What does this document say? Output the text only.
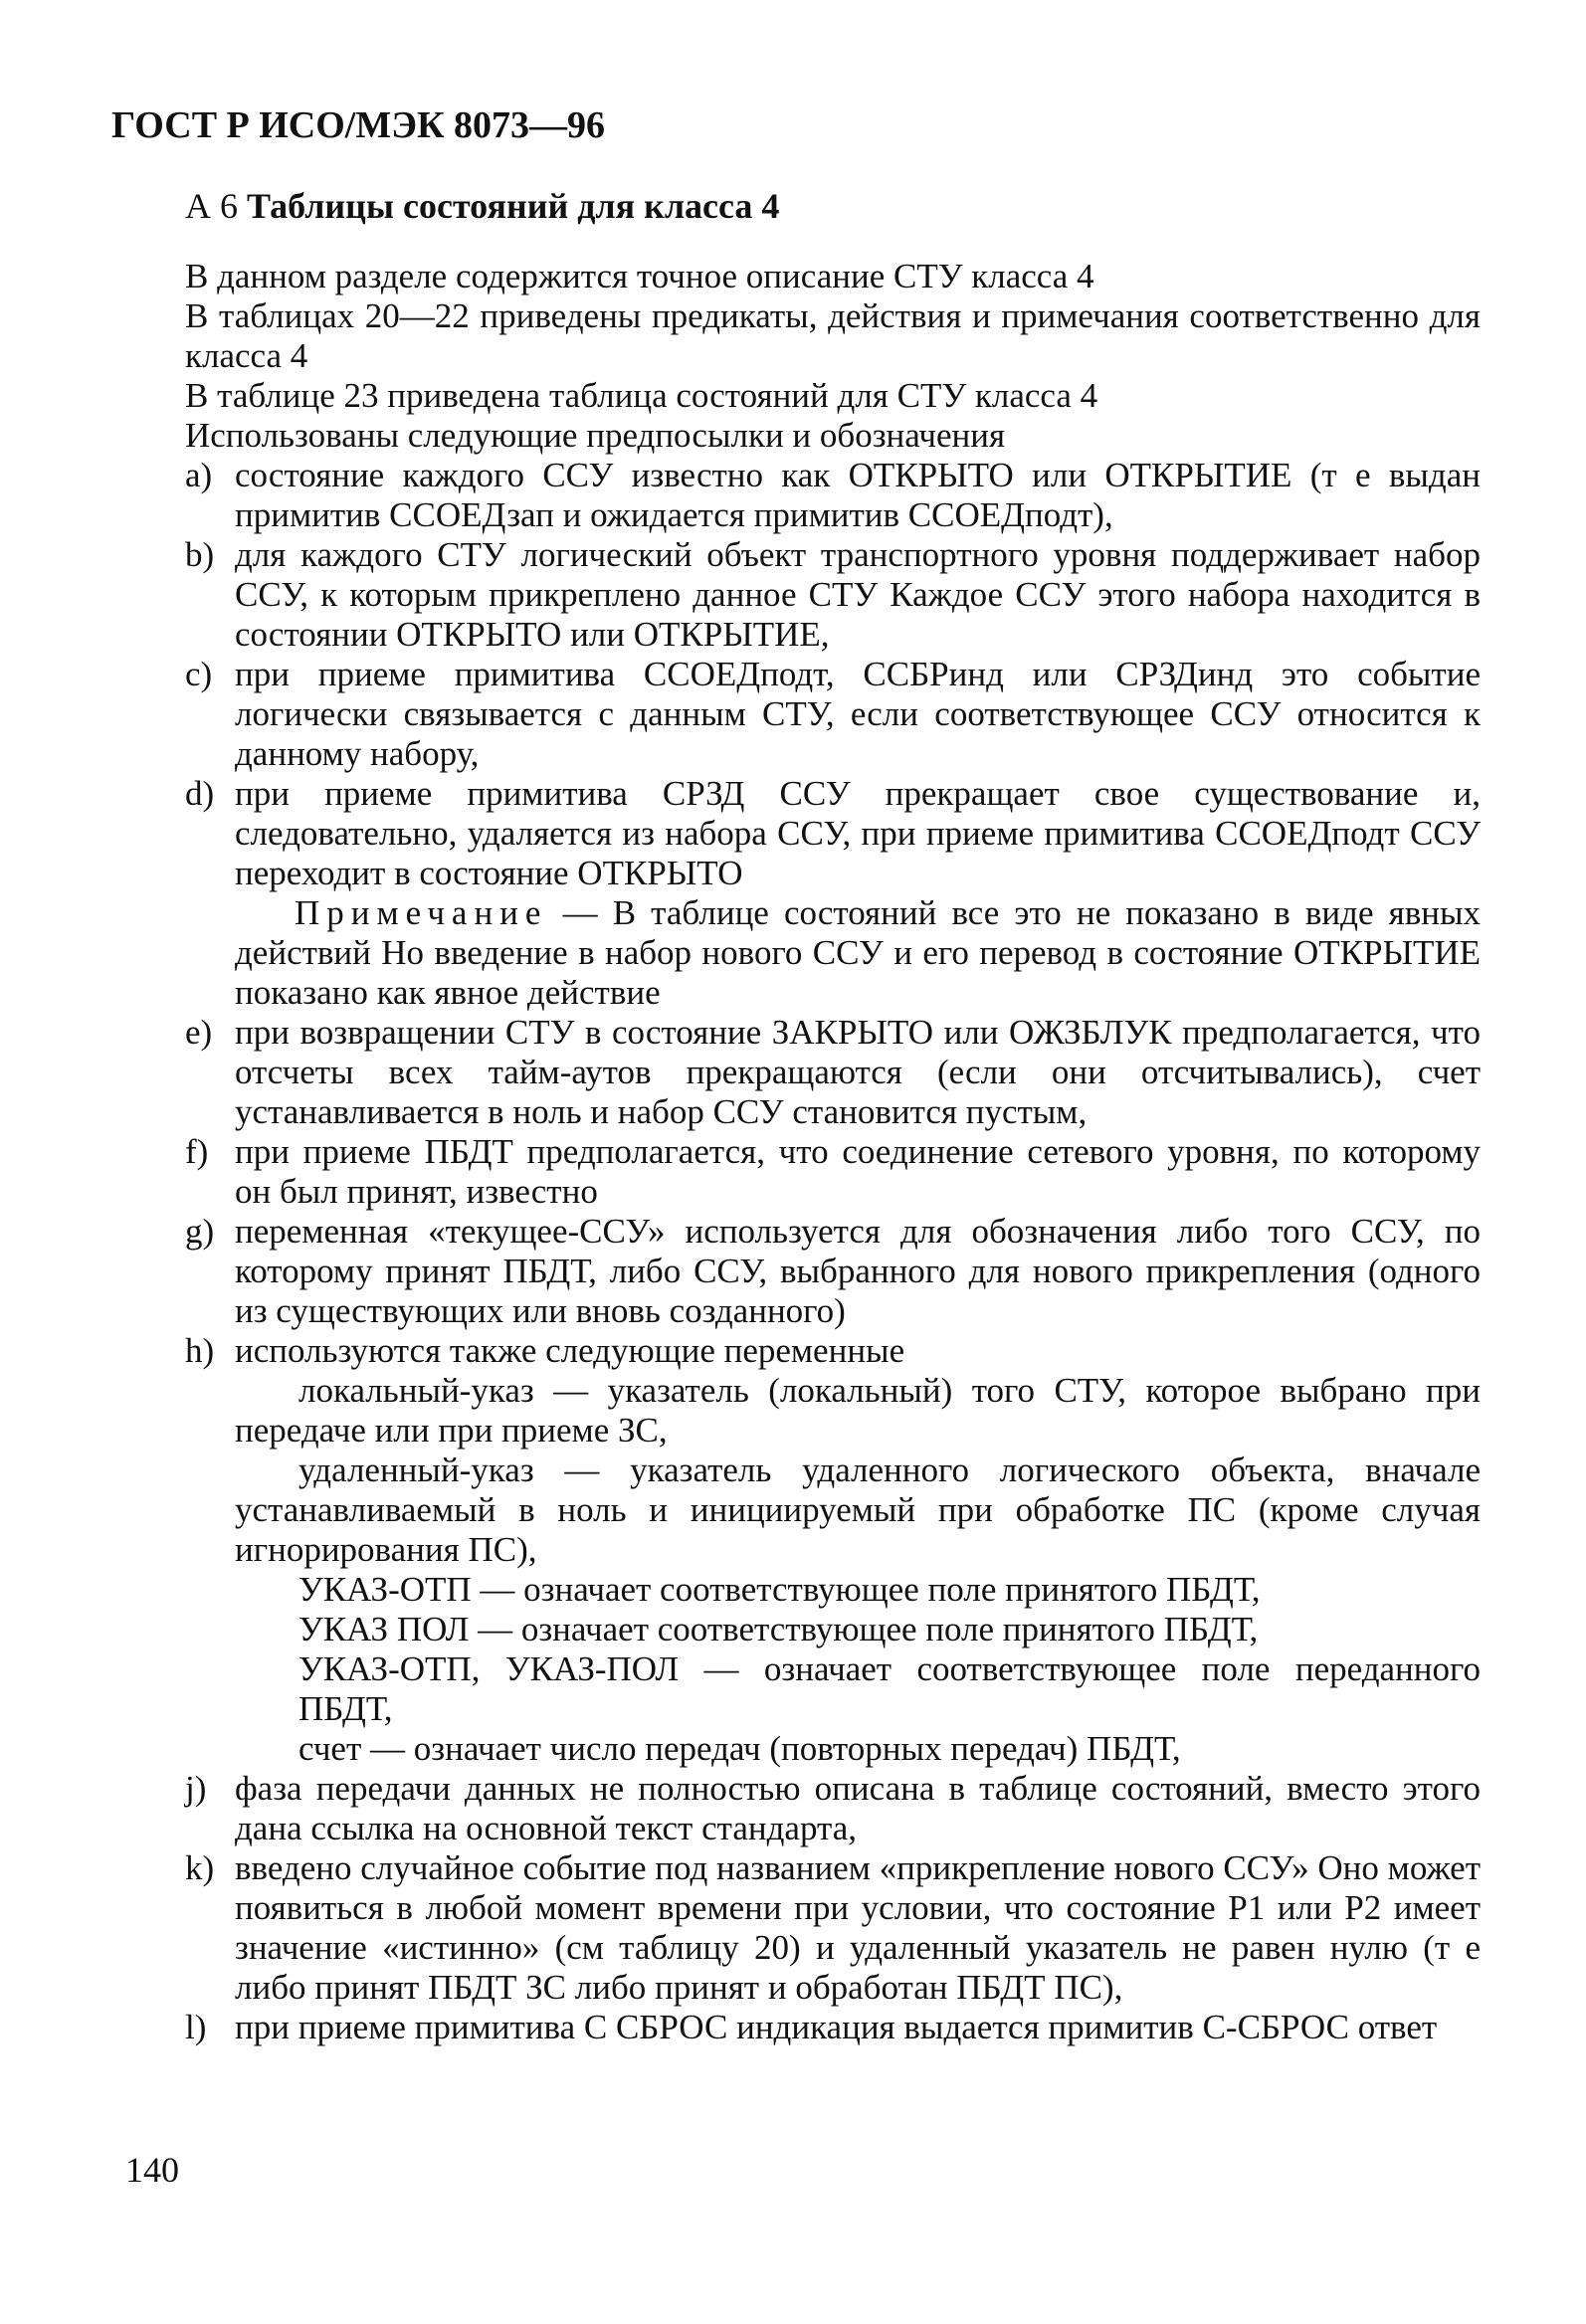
ГОСТ Р ИСО/МЭК 8073—96
А 6 Таблицы состояний для класса 4

В данном разделе содержится точное описание СТУ класса 4

В таблицах 20—22 приведены предикаты, действия и примечания соответственно для класса 4

В таблице 23 приведена таблица состояний для СТУ класса 4

Использованы следующие предпосылки и обозначения

а) состояние каждого ССУ известно как ОТКРЫТО или ОТКРЫТИЕ (т е выдан примитив ССОЕДзап и ожидается примитив ССОЕДподт),
b) для каждого СТУ логический объект транспортного уровня поддерживает набор ССУ, к которым прикреплено данное СТУ Каждое ССУ этого набора находится в состоянии ОТКРЫТО или ОТКРЫТИЕ,
с) при приеме примитива ССОЕДподт, ССБРинд или СРЗДинд это событие логически связывается с данным СТУ, если соответствующее ССУ относится к данному набору,
d) при приеме примитива СРЗД ССУ прекращает свое существование и, следовательно, удаляется из набора ССУ, при приеме примитива ССОЕДподт ССУ переходит в состояние ОТКРЫТО
Примечание — В таблице состояний все это не показано в виде явных действий Но введение в набор нового ССУ и его перевод в состояние ОТКРЫТИЕ показано как явное действие
е) при возвращении СТУ в состояние ЗАКРЫТО или ОЖЗБЛУК предполагается, что отсчеты всех тайм-аутов прекращаются (если они отсчитывались), счет устанавливается в ноль и набор ССУ становится пустым,
f) при приеме ПБДТ предполагается, что соединение сетевого уровня, по которому он был принят, известно
g) переменная «текущее-ССУ» используется для обозначения либо того ССУ, по которому принят ПБДТ, либо ССУ, выбранного для нового прикрепления (одного из существующих или вновь созданного)
h) используются также следующие переменные

локальный-указ — указатель (локальный) того СТУ, которое выбрано при передаче или при приеме ЗС,

удаленный-указ — указатель удаленного логического объекта, вначале устанавливаемый в ноль и инициируемый при обработке ПС (кроме случая игнорирования ПС),

УКАЗ-ОТП — означает соответствующее поле принятого ПБДТ,

УКАЗ ПОЛ — означает соответствующее поле принятого ПБДТ,

УКАЗ-ОТП, УКАЗ-ПОЛ — означает соответствующее поле переданного ПБДТ,

счет — означает число передач (повторных передач) ПБДТ,

j) фаза передачи данных не полностью описана в таблице состояний, вместо этого дана ссылка на основной текст стандарта,
k) введено случайное событие под названием «прикрепление нового ССУ» Оно может появиться в любой момент времени при условии, что состояние Р1 или Р2 имеет значение «истинно» (см таблицу 20) и удаленный указатель не равен нулю (т е либо принят ПБДТ ЗС либо принят и обработан ПБДТ ПС),
l) при приеме примитива С СБРОС индикация выдается примитив С-СБРОС ответ
140
